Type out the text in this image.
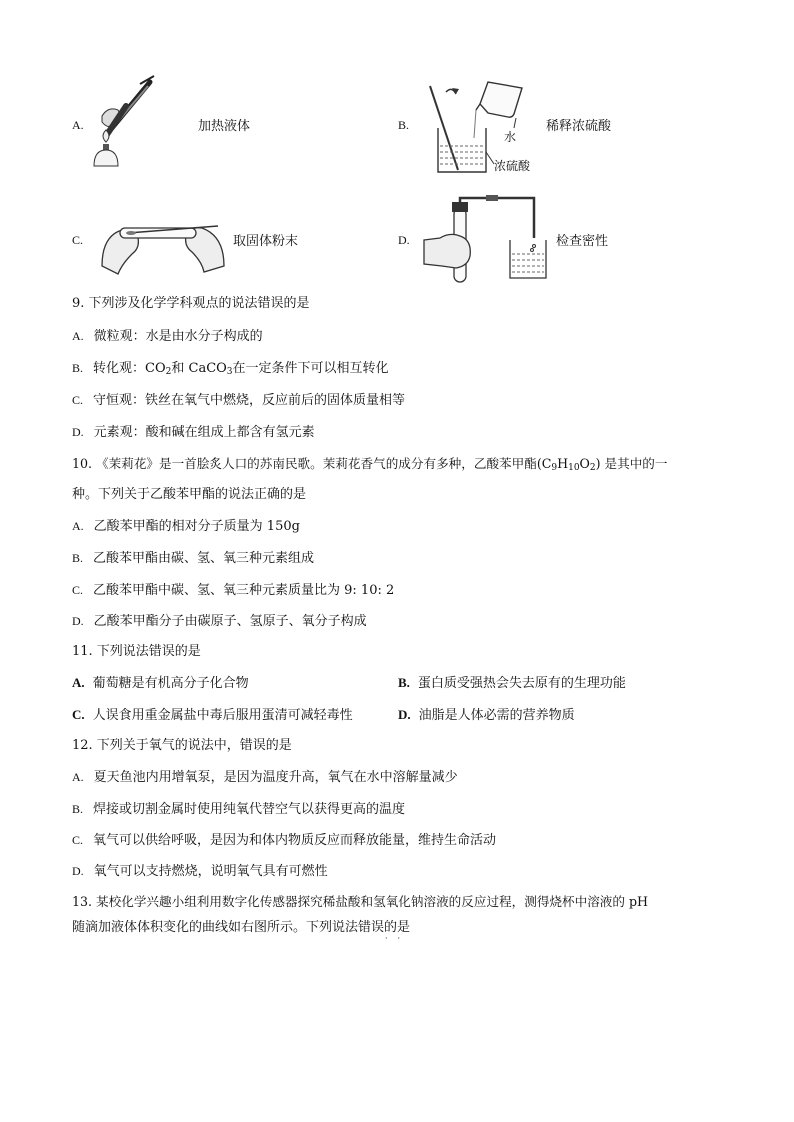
A.	加热液体	B.
水
浓硫酸
稀释浓硫酸
C.	取固体粉末	D.	检查密性
9. 下列涉及化学学科观点的说法错误的是
A. 微粒观：水是由水分子构成的
B. 转化观：$CO_2$和 CaCO$_3$在一定条件下可以相互转化
C. 守恒观：铁丝在氧气中燃烧，反应前后的固体质量相等
D. 元素观：酸和碱在组成上都含有氢元素
10. 《茉莉花》是一首脍炙人口的苏南民歌。茉莉花香气的成分有多种，乙酸苯甲酯$(C_9H_{10}O_2)$ 是其中的一
种。下列关于乙酸苯甲酯的说法正确的是
A. 乙酸苯甲酯的相对分子质量为 150g
B. 乙酸苯甲酯由碳、氢、氧三种元素组成
C. 乙酸苯甲酯中碳、氢、氧三种元素质量比为 9: 10: 2
D. 乙酸苯甲酯分子由碳原子、氢原子、氧分子构成
11. 下列说法错误的是
A. 葡萄糖是有机高分子化合物	B. 蛋白质受强热会失去原有的生理功能
C. 人误食用重金属盐中毒后服用蛋清可减轻毒性	D. 油脂是人体必需的营养物质
12. 下列关于氧气的说法中，错误的是
A. 夏天鱼池内用增氧泵，是因为温度升高，氧气在水中溶解量减少
B. 焊接或切割金属时使用纯氧代替空气以获得更高的温度
C. 氧气可以供给呼吸，是因为和体内物质反应而释放能量，维持生命活动
D. 氧气可以支持燃烧，说明氧气具有可燃性
13. 某校化学兴趣小组利用数字化传感器探究稀盐酸和氢氧化钠溶液的反应过程，测得烧杯中溶液的 pH
随滴加液体体积变化的曲线如右图所示。下列说法错误的是
··
